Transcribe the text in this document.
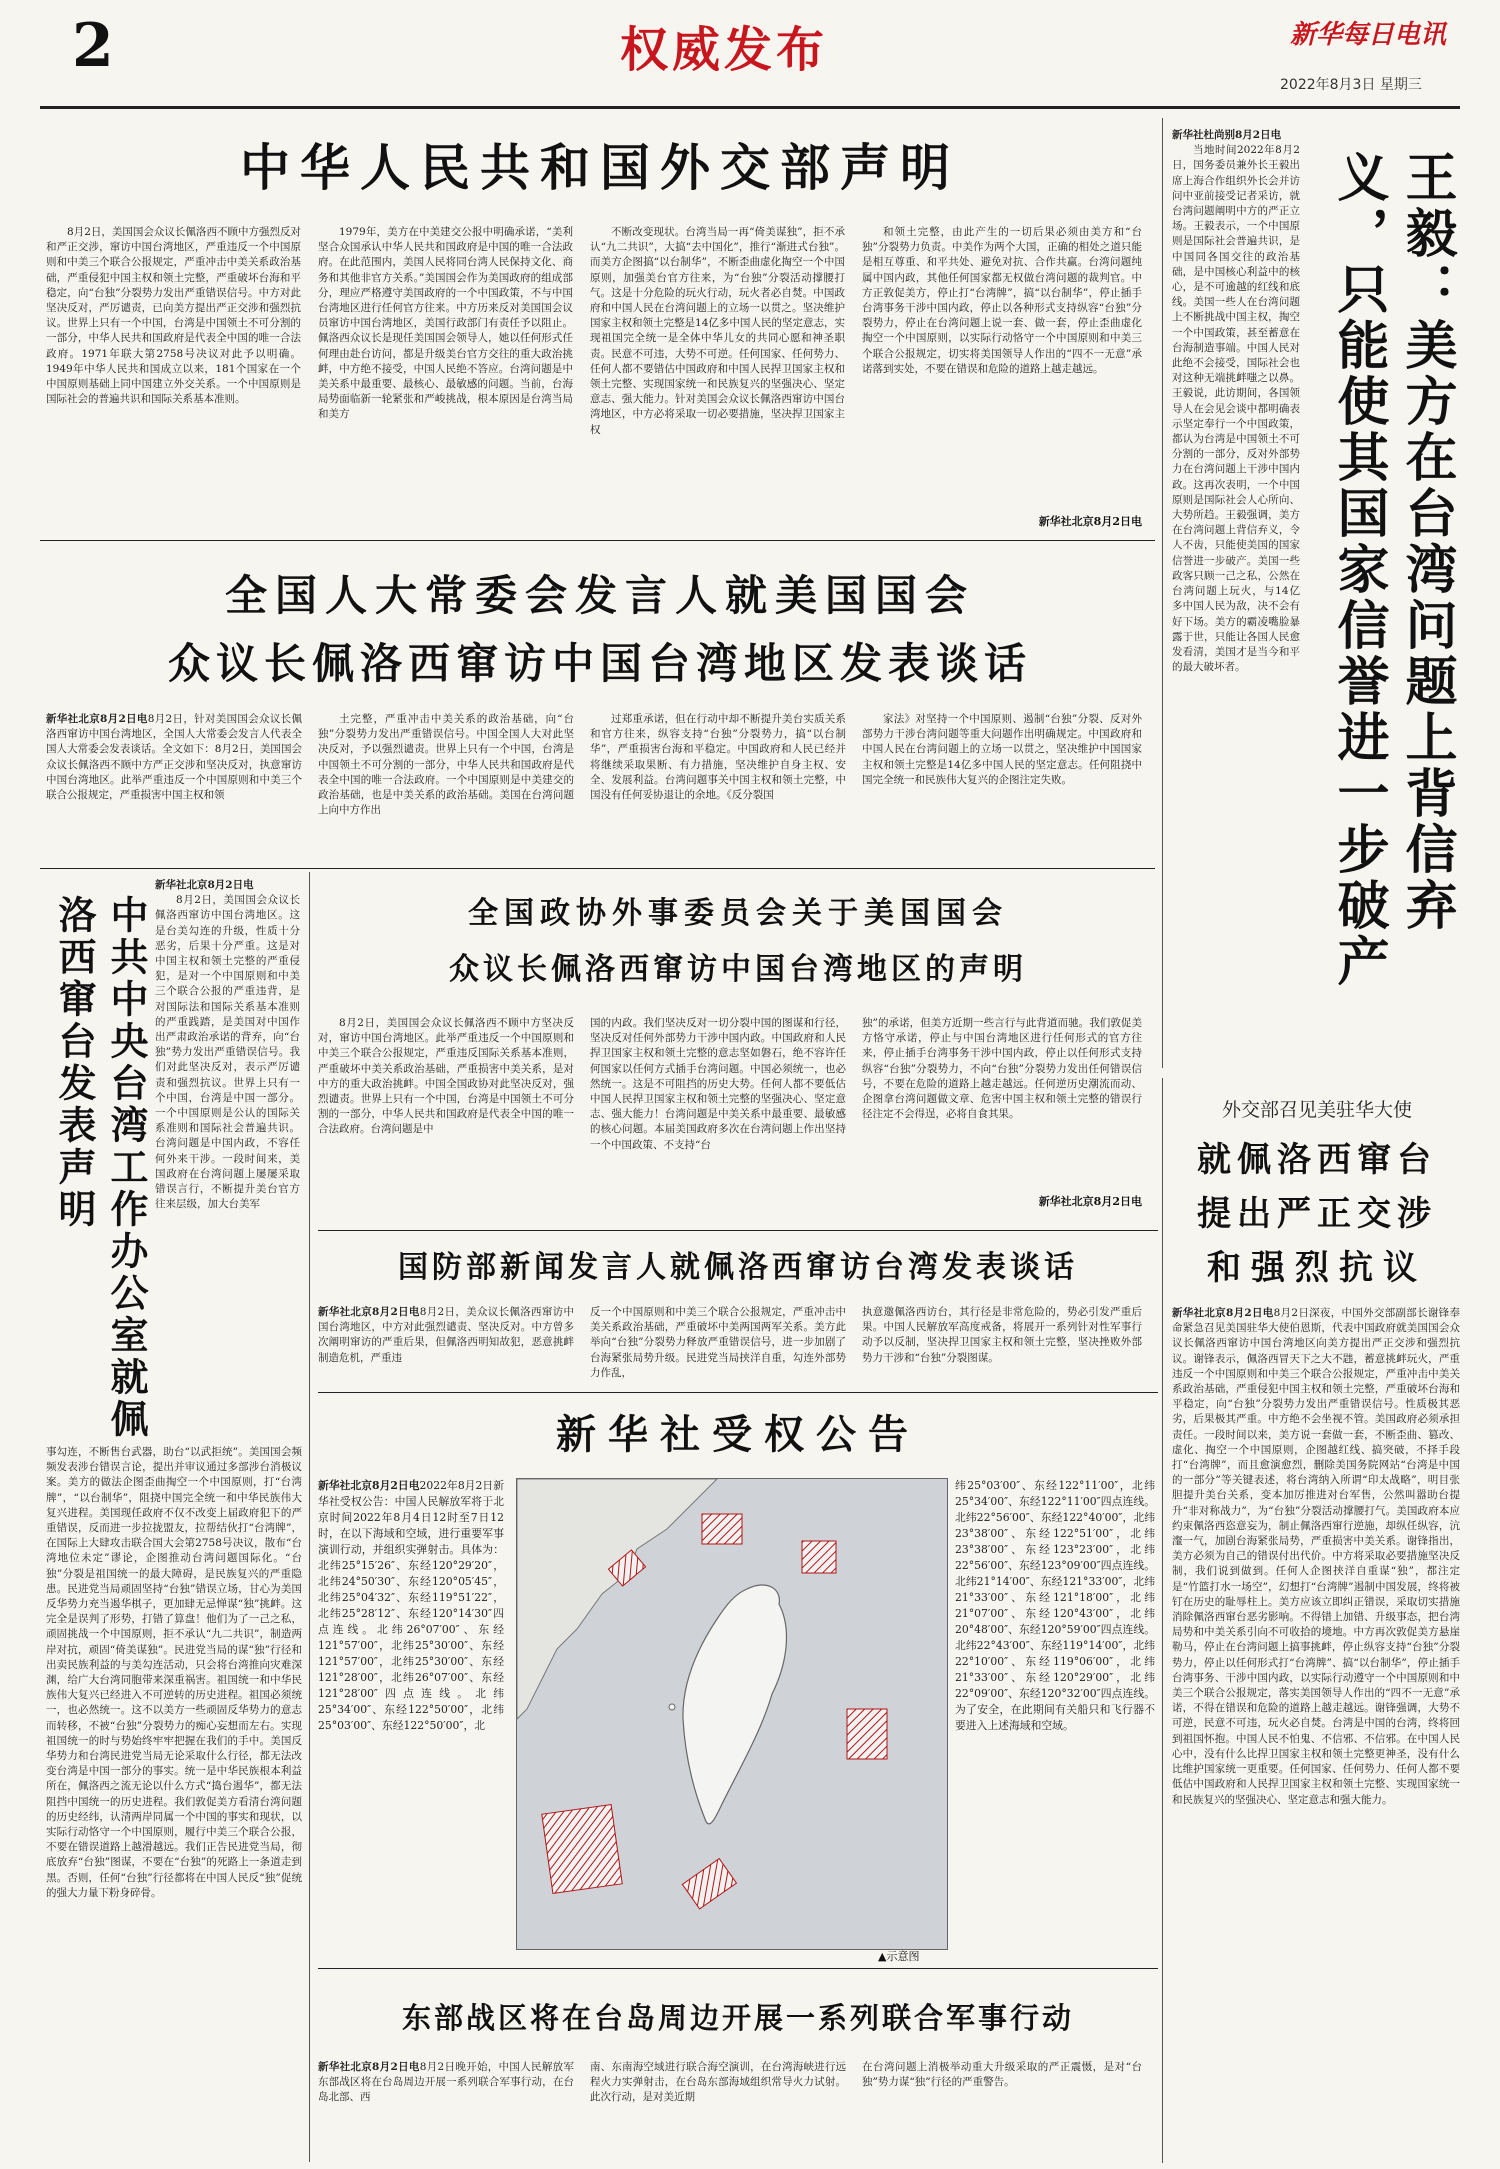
2	权威发布	新华每日电讯
2022年8月3日 星期三
中华人民共和国外交部声明

8月2日，美国国会众议长佩洛西不顾中方强烈反对和严正交涉，窜访中国台湾地区，严重违反一个中国原则和中美三个联合公报规定，严重冲击中美关系政治基础，严重侵犯中国主权和领土完整，严重破坏台海和平稳定，向“台独”分裂势力发出严重错误信号。中方对此坚决反对，严厉谴责，已向美方提出严正交涉和强烈抗议。世界上只有一个中国，台湾是中国领土不可分割的一部分，中华人民共和国政府是代表全中国的唯一合法政府。1971年联大第2758号决议对此予以明确。1949年中华人民共和国成立以来，181个国家在一个中国原则基础上同中国建立外交关系。一个中国原则是国际社会的普遍共识和国际关系基本准则。

1979年，美方在中美建交公报中明确承诺，“美利坚合众国承认中华人民共和国政府是中国的唯一合法政府。在此范围内，美国人民将同台湾人民保持文化、商务和其他非官方关系。”美国国会作为美国政府的组成部分，理应严格遵守美国政府的一个中国政策，不与中国台湾地区进行任何官方往来。中方历来反对美国国会议员窜访中国台湾地区，美国行政部门有责任予以阻止。佩洛西众议长是现任美国国会领导人，她以任何形式任何理由赴台访问，都是升级美台官方交往的重大政治挑衅，中方绝不接受，中国人民绝不答应。台湾问题是中美关系中最重要、最核心、最敏感的问题。当前，台海局势面临新一轮紧张和严峻挑战，根本原因是台湾当局和美方

不断改变现状。台湾当局一再“倚美谋独”，拒不承认“九二共识”，大搞“去中国化”，推行“渐进式台独”。而美方企图搞“以台制华”，不断歪曲虚化掏空一个中国原则，加强美台官方往来，为“台独”分裂活动撑腰打气。这是十分危险的玩火行动，玩火者必自焚。中国政府和中国人民在台湾问题上的立场一以贯之。坚决维护国家主权和领土完整是14亿多中国人民的坚定意志，实现祖国完全统一是全体中华儿女的共同心愿和神圣职责。民意不可违，大势不可逆。任何国家、任何势力、任何人都不要错估中国政府和中国人民捍卫国家主权和领土完整、实现国家统一和民族复兴的坚强决心、坚定意志、强大能力。针对美国会众议长佩洛西窜访中国台湾地区，中方必将采取一切必要措施，坚决捍卫国家主权

和领土完整，由此产生的一切后果必须由美方和“台独”分裂势力负责。中美作为两个大国，正确的相处之道只能是相互尊重、和平共处、避免对抗、合作共赢。台湾问题纯属中国内政，其他任何国家都无权做台湾问题的裁判官。中方正敦促美方，停止打“台湾牌”，搞“以台制华”，停止插手台湾事务干涉中国内政，停止以各种形式支持纵容“台独”分裂势力，停止在台湾问题上说一套、做一套，停止歪曲虚化掏空一个中国原则，以实际行动恪守一个中国原则和中美三个联合公报规定，切实将美国领导人作出的“四不一无意”承诺落到实处，不要在错误和危险的道路上越走越远。

新华社北京8月2日电	王毅：美方在台湾问题上背信弃义，只能使其国家信誉进一步破产
新华社杜尚别8月2日电

当地时间2022年8月2日，国务委员兼外长王毅出席上海合作组织外长会并访问中亚前接受记者采访，就台湾问题阐明中方的严正立场。王毅表示，一个中国原则是国际社会普遍共识，是中国同各国交往的政治基础，是中国核心利益中的核心，是不可逾越的红线和底线。美国一些人在台湾问题上不断挑战中国主权，掏空一个中国政策，甚至蓄意在台海制造事端。中国人民对此绝不会接受，国际社会也对这种无端挑衅嗤之以鼻。王毅说，此访期间，各国领导人在会见会谈中都明确表示坚定奉行一个中国政策，都认为台湾是中国领土不可分割的一部分，反对外部势力在台湾问题上干涉中国内政。这再次表明，一个中国原则是国际社会人心所向、大势所趋。王毅强调，美方在台湾问题上背信弃义，令人不齿，只能使美国的国家信誉进一步破产。美国一些政客只顾一己之私，公然在台湾问题上玩火，与14亿多中国人民为敌，决不会有好下场。美方的霸凌嘴脸暴露于世，只能让各国人民愈发看清，美国才是当今和平的最大破坏者。

全国人大常委会发言人就美国国会
众议长佩洛西窜访中国台湾地区发表谈话
新华社北京8月2日电8月2日，针对美国国会众议长佩洛西窜访中国台湾地区，全国人大常委会发言人代表全国人大常委会发表谈话。全文如下：8月2日，美国国会众议长佩洛西不顾中方严正交涉和坚决反对，执意窜访中国台湾地区。此举严重违反一个中国原则和中美三个联合公报规定，严重损害中国主权和领

土完整，严重冲击中美关系的政治基础，向“台独”分裂势力发出严重错误信号。中国全国人大对此坚决反对，予以强烈谴责。世界上只有一个中国，台湾是中国领土不可分割的一部分，中华人民共和国政府是代表全中国的唯一合法政府。一个中国原则是中美建交的政治基础，也是中美关系的政治基础。美国在台湾问题上向中方作出

过郑重承诺，但在行动中却不断提升美台实质关系和官方往来，纵容支持“台独”分裂势力，搞“以台制华”，严重损害台海和平稳定。中国政府和人民已经并将继续采取果断、有力措施，坚决维护自身主权、安全、发展利益。台湾问题事关中国主权和领土完整，中国没有任何妥协退让的余地。《反分裂国

家法》对坚持一个中国原则、遏制“台独”分裂、反对外部势力干涉台湾问题等重大问题作出明确规定。中国政府和中国人民在台湾问题上的立场一以贯之，坚决维护中国国家主权和领土完整是14亿多中国人民的坚定意志。任何阻挠中国完全统一和民族伟大复兴的企图注定失败。

中共中央台湾工作办公室就佩洛西窜台发表声明
新华社北京8月2日电

8月2日，美国国会众议长佩洛西窜访中国台湾地区。这是台美勾连的升级，性质十分恶劣，后果十分严重。这是对中国主权和领土完整的严重侵犯，是对一个中国原则和中美三个联合公报的严重违背，是对国际法和国际关系基本准则的严重践踏，是美国对中国作出严肃政治承诺的背弃，向“台独”势力发出严重错误信号。我们对此坚决反对，表示严厉谴责和强烈抗议。世界上只有一个中国，台湾是中国一部分。一个中国原则是公认的国际关系准则和国际社会普遍共识。台湾问题是中国内政，不容任何外来干涉。一段时间来，美国政府在台湾问题上屡屡采取错误言行，不断提升美台官方往来层级，加大台美军

事勾连，不断售台武器，助台“以武拒统”。美国国会频频发表涉台错误言论，提出并审议通过多部涉台消极议案。美方的做法企图歪曲掏空一个中国原则，打“台湾牌”，“以台制华”，阻挠中国完全统一和中华民族伟大复兴进程。美国现任政府不仅不改变上届政府犯下的严重错误，反而进一步拉拢盟友，拉帮结伙打“台湾牌”，在国际上大肆攻击联合国大会第2758号决议，散布“台湾地位未定”谬论，企图推动台湾问题国际化。“台独”分裂是祖国统一的最大障碍，是民族复兴的严重隐患。民进党当局顽固坚持“台独”错误立场，甘心为美国反华势力充当遏华棋子，更加肆无忌惮谋“独”挑衅。这完全是误判了形势，打错了算盘！他们为了一己之私，顽固挑战一个中国原则，拒不承认“九二共识”，制造两岸对抗，顽固“倚美谋独”。民进党当局的谋“独”行径和出卖民族利益的与美勾连活动，只会将台湾推向灾难深渊，给广大台湾同胞带来深重祸害。祖国统一和中华民族伟大复兴已经进入不可逆转的历史进程。祖国必须统一，也必然统一。这不以美方一些顽固反华势力的意志而转移，不被“台独”分裂势力的痴心妄想而左右。实现祖国统一的时与势始终牢牢把握在我们的手中。美国反华势力和台湾民进党当局无论采取什么行径，都无法改变台湾是中国一部分的事实。统一是中华民族根本利益所在，佩洛西之流无论以什么方式“捣台遏华”，都无法阻挡中国统一的历史进程。我们敦促美方看清台湾问题的历史经纬，认清两岸同属一个中国的事实和现状，以实际行动恪守一个中国原则，履行中美三个联合公报，不要在错误道路上越滑越远。我们正告民进党当局，彻底放弃“台独”图谋，不要在“台独”的死路上一条道走到黑。否则，任何“台独”行径都将在中国人民反“独”促统的强大力量下粉身碎骨。
全国政协外事委员会关于美国国会
众议长佩洛西窜访中国台湾地区的声明

8月2日，美国国会众议长佩洛西不顾中方坚决反对，窜访中国台湾地区。此举严重违反一个中国原则和中美三个联合公报规定，严重违反国际关系基本准则，严重破坏中美关系政治基础，严重损害中美关系，是对中方的重大政治挑衅。中国全国政协对此坚决反对，强烈谴责。世界上只有一个中国，台湾是中国领土不可分割的一部分，中华人民共和国政府是代表全中国的唯一合法政府。台湾问题是中

国的内政。我们坚决反对一切分裂中国的图谋和行径，坚决反对任何外部势力干涉中国内政。中国政府和人民捍卫国家主权和领土完整的意志坚如磐石，绝不容许任何国家以任何方式插手台湾问题。中国必须统一，也必然统一。这是不可阻挡的历史大势。任何人都不要低估中国人民捍卫国家主权和领土完整的坚强决心、坚定意志、强大能力！台湾问题是中美关系中最重要、最敏感的核心问题。本届美国政府多次在台湾问题上作出坚持一个中国政策、不支持“台
独”的承诺，但美方近期一些言行与此背道而驰。我们敦促美方恪守承诺，停止与中国台湾地区进行任何形式的官方往来，停止插手台湾事务干涉中国内政，停止以任何形式支持纵容“台独”分裂势力，不向“台独”分裂势力发出任何错误信号，不要在危险的道路上越走越远。任何逆历史潮流而动、企图拿台湾问题做文章、危害中国主权和领土完整的错误行径注定不会得逞，必将自食其果。
新华社北京8月2日电
外交部召见美驻华大使
就佩洛西窜台
提出严正交涉
和强烈抗议
新华社北京8月2日电8月2日深夜，中国外交部副部长谢锋奉命紧急召见美国驻华大使伯恩斯，代表中国政府就美国国会众议长佩洛西窜访中国台湾地区向美方提出严正交涉和强烈抗议。谢锋表示，佩洛西冒天下之大不韪，蓄意挑衅玩火，严重违反一个中国原则和中美三个联合公报规定，严重冲击中美关系政治基础，严重侵犯中国主权和领土完整，严重破坏台海和平稳定，向“台独”分裂势力发出严重错误信号。性质极其恶劣，后果极其严重。中方绝不会坐视不管。美国政府必须承担责任。一段时间以来，美方说一套做一套，不断歪曲、篡改、虚化、掏空一个中国原则，企图越红线、搞突破，不择手段打“台湾牌”，而且愈演愈烈，删除美国务院网站“台湾是中国的一部分”等关键表述，将台湾纳入所谓“印太战略”，明目张胆提升美台关系，变本加厉推进对台军售，公然叫嚣助台提升“非对称战力”，为“台独”分裂活动撑腰打气。美国政府本应约束佩洛西恣意妄为，制止佩洛西窜行逆施，却纵任纵容，沆瀣一气，加剧台海紧张局势，严重损害中美关系。谢锋指出，美方必须为自己的错误付出代价。中方将采取必要措施坚决反制，我们说到做到。任何人企图挟洋自重谋“独”，都注定是“竹篮打水一场空”，幻想打“台湾牌”遏制中国发展，终将被钉在历史的耻辱柱上。美方应该立即纠正错误，采取切实措施消除佩洛西窜台恶劣影响。不得错上加错、升级事态，把台湾局势和中美关系引向不可收拾的境地。中方再次敦促美方悬崖勒马，停止在台湾问题上搞事挑衅，停止纵容支持“台独”分裂势力，停止以任何形式打“台湾牌”、搞“以台制华”，停止插手台湾事务、干涉中国内政，以实际行动遵守一个中国原则和中美三个联合公报规定，落实美国领导人作出的“四不一无意”承诺，不得在错误和危险的道路上越走越远。谢锋强调，大势不可逆，民意不可违，玩火必自焚。台湾是中国的台湾，终将回到祖国怀抱。中国人民不怕鬼、不信邪、不信邪。在中国人民心中，没有什么比捍卫国家主权和领土完整更神圣，没有什么比维护国家统一更重要。任何国家、任何势力、任何人都不要低估中国政府和人民捍卫国家主权和领土完整、实现国家统一和民族复兴的坚强决心、坚定意志和强大能力。
国防部新闻发言人就佩洛西窜访台湾发表谈话
新华社北京8月2日电8月2日，美众议长佩洛西窜访中国台湾地区，中方对此强烈谴责、坚决反对。中方曾多次阐明窜访的严重后果，但佩洛西明知故犯，恶意挑衅制造危机，严重违
反一个中国原则和中美三个联合公报规定，严重冲击中美关系政治基础，严重破坏中美两国两军关系。美方此举向“台独”分裂势力释放严重错误信号，进一步加剧了台海紧张局势升级。民进党当局挟洋自重，勾连外部势力作乱，
执意邀佩洛西访台，其行径是非常危险的，势必引发严重后果。中国人民解放军高度戒备，将展开一系列针对性军事行动予以反制，坚决捍卫国家主权和领土完整，坚决挫败外部势力干涉和“台独”分裂图谋。
新华社受权公告
新华社北京8月2日电2022年8月2日新华社受权公告：中国人民解放军将于北京时间2022年8月4日12时至7日12时，在以下海域和空域，进行重要军事演训行动，并组织实弹射击。具体为：北纬25°15′26″、东经120°29′20″，北纬24°50′30″、东经120°05′45″，北纬25°04′32″、东经119°51′22″，北纬25°28′12″、东经120°14′30″四点连线。北纬26°07′00″、东经121°57′00″，北纬25°30′00″、东经121°57′00″，北纬25°30′00″、东经121°28′00″，北纬26°07′00″、东经121°28′00″四点连线。北纬25°34′00″、东经122°50′00″，北纬25°03′00″、东经122°50′00″，北
▲示意图
纬25°03′00″、东经122°11′00″，北纬25°34′00″、东经122°11′00″四点连线。北纬22°56′00″、东经122°40′00″，北纬23°38′00″、东经122°51′00″，北纬23°38′00″、东经123°23′00″，北纬22°56′00″、东经123°09′00″四点连线。北纬21°14′00″、东经121°33′00″，北纬21°33′00″、东经121°18′00″，北纬21°07′00″、东经120°43′00″，北纬20°48′00″、东经120°59′00″四点连线。北纬22°43′00″、东经119°14′00″，北纬22°10′00″、东经119°06′00″，北纬21°33′00″、东经120°29′00″，北纬22°09′00″、东经120°32′00″四点连线。为了安全，在此期间有关船只和飞行器不要进入上述海域和空域。
东部战区将在台岛周边开展一系列联合军事行动
新华社北京8月2日电8月2日晚开始，中国人民解放军东部战区将在台岛周边开展一系列联合军事行动，在台岛北部、西
南、东南海空域进行联合海空演训，在台湾海峡进行远程火力实弹射击，在台岛东部海域组织常导火力试射。此次行动，是对美近期
在台湾问题上消极举动重大升级采取的严正震慑，是对“台独”势力谋“独”行径的严重警告。
